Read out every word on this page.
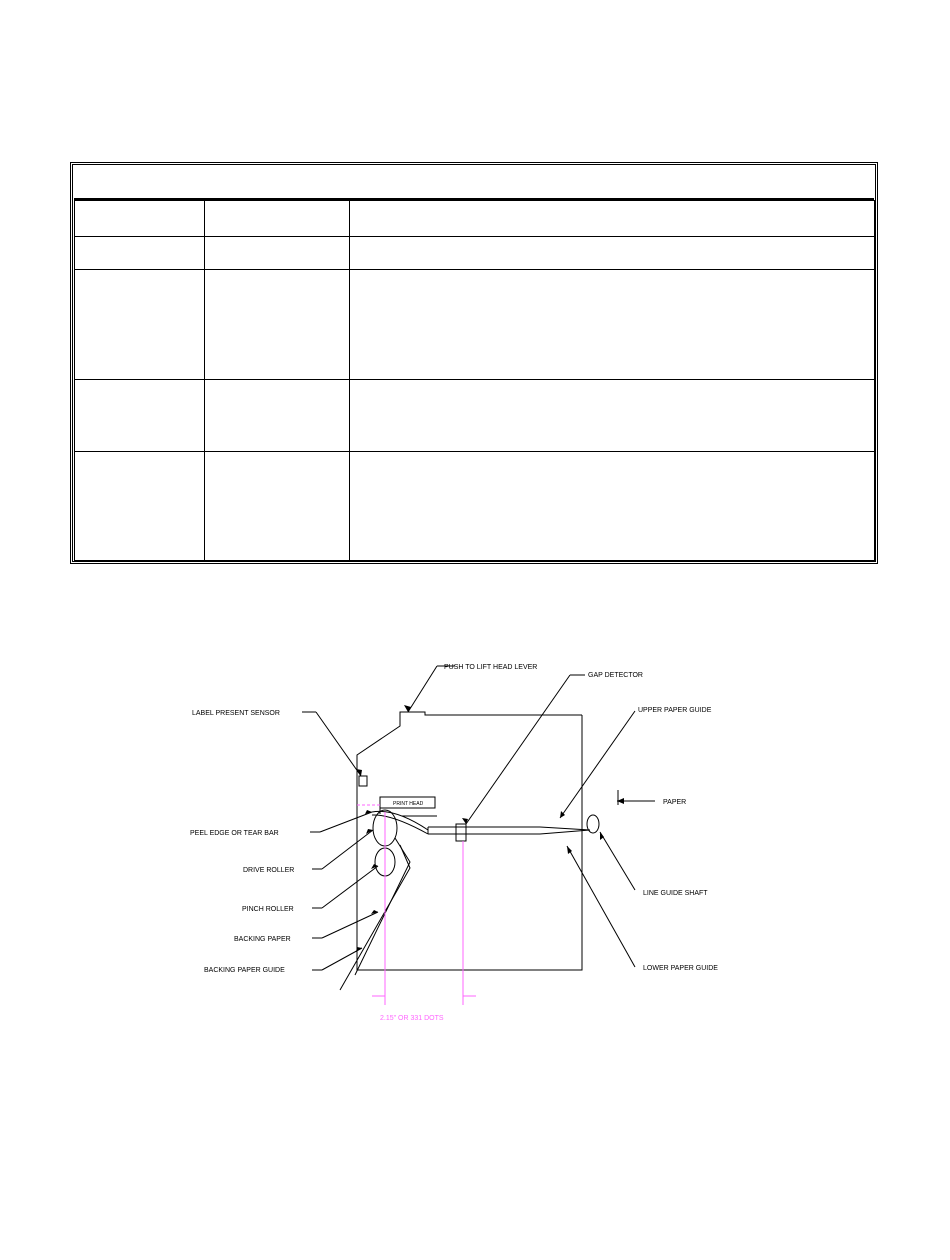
PUSH TO LIFT HEAD LEVER
GAP DETECTOR
LABEL PRESENT SENSOR	UPPER PAPER GUIDE
PAPER
PRINT HEAD
PEEL EDGE OR TEAR BAR
DRIVE ROLLER
LINE GUIDE SHAFT
PINCH ROLLER
BACKING PAPER
BACKING PAPER GUIDE	LOWER PAPER GUIDE
2.15" OR 331 DOTS
